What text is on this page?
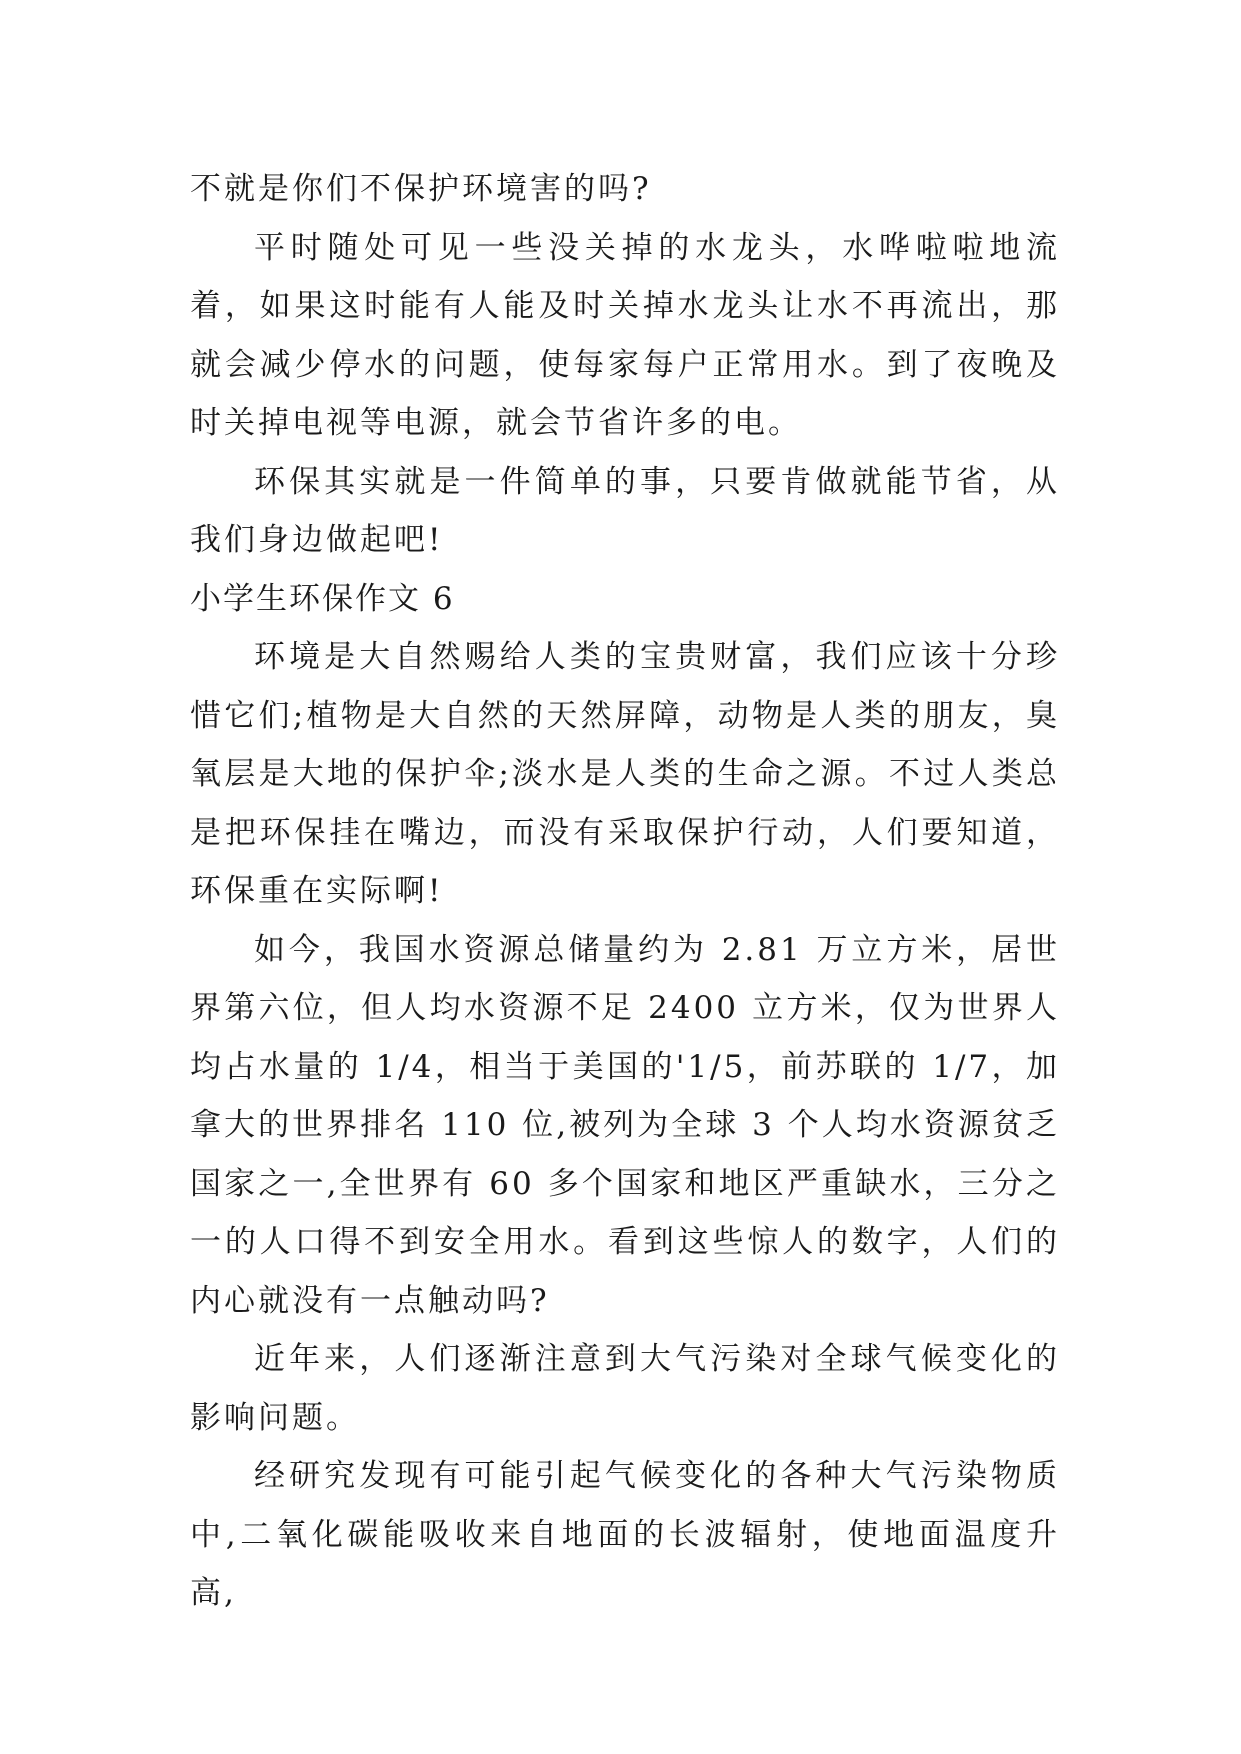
不就是你们不保护环境害的吗?

平时随处可见一些没关掉的水龙头，水哗啦啦地流着，如果这时能有人能及时关掉水龙头让水不再流出，那就会减少停水的问题，使每家每户正常用水。到了夜晚及时关掉电视等电源，就会节省许多的电。

环保其实就是一件简单的事，只要肯做就能节省，从我们身边做起吧!

小学生环保作文 6

环境是大自然赐给人类的宝贵财富，我们应该十分珍惜它们;植物是大自然的天然屏障，动物是人类的朋友，臭氧层是大地的保护伞;淡水是人类的生命之源。不过人类总是把环保挂在嘴边，而没有采取保护行动，人们要知道，环保重在实际啊!

如今，我国水资源总储量约为 2.81 万立方米，居世界第六位，但人均水资源不足 2400 立方米，仅为世界人均占水量的 1/4，相当于美国的'1/5，前苏联的 1/7，加拿大的世界排名 110 位,被列为全球 3 个人均水资源贫乏国家之一,全世界有 60 多个国家和地区严重缺水，三分之一的人口得不到安全用水。看到这些惊人的数字，人们的内心就没有一点触动吗?

近年来，人们逐渐注意到大气污染对全球气候变化的影响问题。

经研究发现有可能引起气候变化的各种大气污染物质中,二氧化碳能吸收来自地面的长波辐射，使地面温度升高,
